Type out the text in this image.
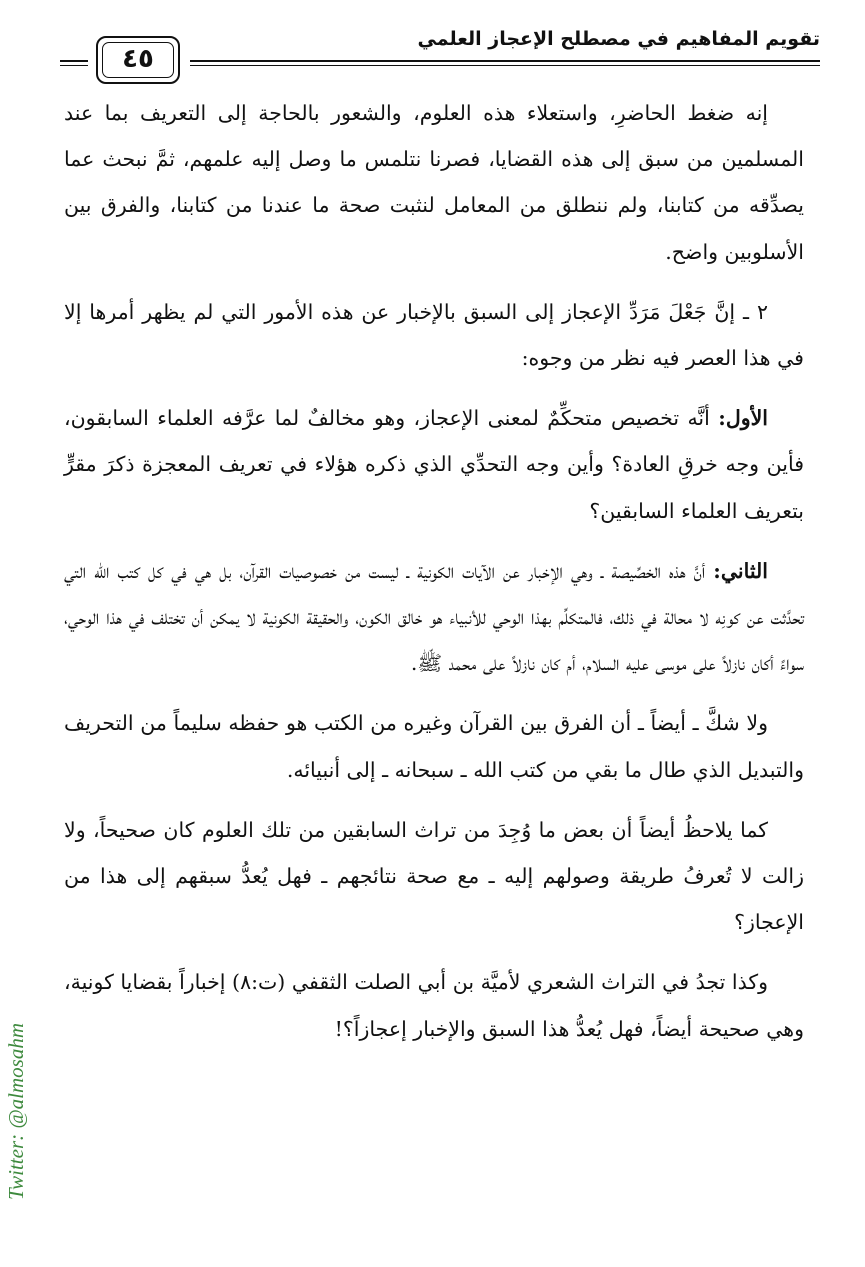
تقويم المفاهيم في مصطلح الإعجاز العلمي
٤٥

إنه ضغط الحاضرِ، واستعلاء هذه العلوم، والشعور بالحاجة إلى التعريف بما عند المسلمين من سبق إلى هذه القضايا، فصرنا نتلمس ما وصل إليه علمهم، ثمَّ نبحث عما يصدِّقه من كتابنا، ولم ننطلق من المعامل لنثبت صحة ما عندنا من كتابنا، والفرق بين الأسلوبين واضح.

٢ ـ إنَّ جَعْلَ مَرَدِّ الإعجاز إلى السبق بالإخبار عن هذه الأمور التي لم يظهر أمرها إلا في هذا العصر فيه نظر من وجوه:

الأول: أنَّه تخصيص متحكِّمٌ لمعنى الإعجاز، وهو مخالفٌ لما عرَّفه العلماء السابقون، فأين وجه خرقِ العادة؟ وأين وجه التحدِّي الذي ذكره هؤلاء في تعريف المعجزة ذكرَ مقرٍّ بتعريف العلماء السابقين؟

الثاني: أنَّ هذه الخصِّيصة ـ وهي الإخبار عن الآيات الكونية ـ ليست من خصوصيات القرآن، بل هي في كل كتب الله التي تحدَّثت عن كونِه لا محالة في ذلك، فالمتكلِّم بهذا الوحي للأنبياء هو خالق الكون، والحقيقة الكونية لا يمكن أن تختلف في هذا الوحي، سواءً أكان نازلاً على موسى عليه السلام، أم كان نازلاً على محمد ﷺ.

ولا شكَّ ـ أيضاً ـ أن الفرق بين القرآن وغيره من الكتب هو حفظه سليماً من التحريف والتبديل الذي طال ما بقي من كتب الله ـ سبحانه ـ إلى أنبيائه.

كما يلاحظُ أيضاً أن بعض ما وُجِدَ من تراث السابقين من تلك العلوم كان صحيحاً، ولا زالت لا تُعرفُ طريقة وصولهم إليه ـ مع صحة نتائجهم ـ فهل يُعدُّ سبقهم إلى هذا من الإعجاز؟

وكذا تجدُ في التراث الشعري لأميَّة بن أبي الصلت الثقفي (ت:٨) إخباراً بقضايا كونية، وهي صحيحة أيضاً، فهل يُعدُّ هذا السبق والإخبار إعجازاً؟!

Twitter: @almosahm
